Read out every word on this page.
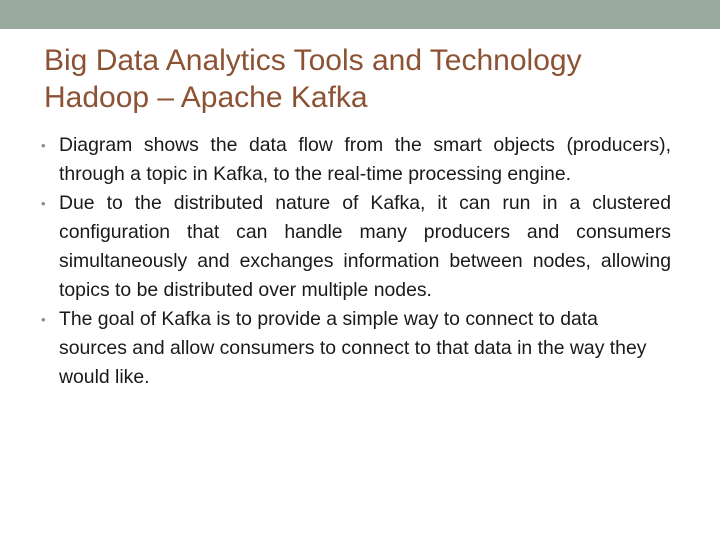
Big Data Analytics Tools and Technology
Hadoop – Apache Kafka
• Diagram shows the data flow from the smart objects (producers), through a topic in Kafka, to the real-time processing engine.
• Due to the distributed nature of Kafka, it can run in a clustered configuration that can handle many producers and consumers simultaneously and exchanges information between nodes, allowing topics to be distributed over multiple nodes.
• The goal of Kafka is to provide a simple way to connect to data sources and allow consumers to connect to that data in the way they would like.
